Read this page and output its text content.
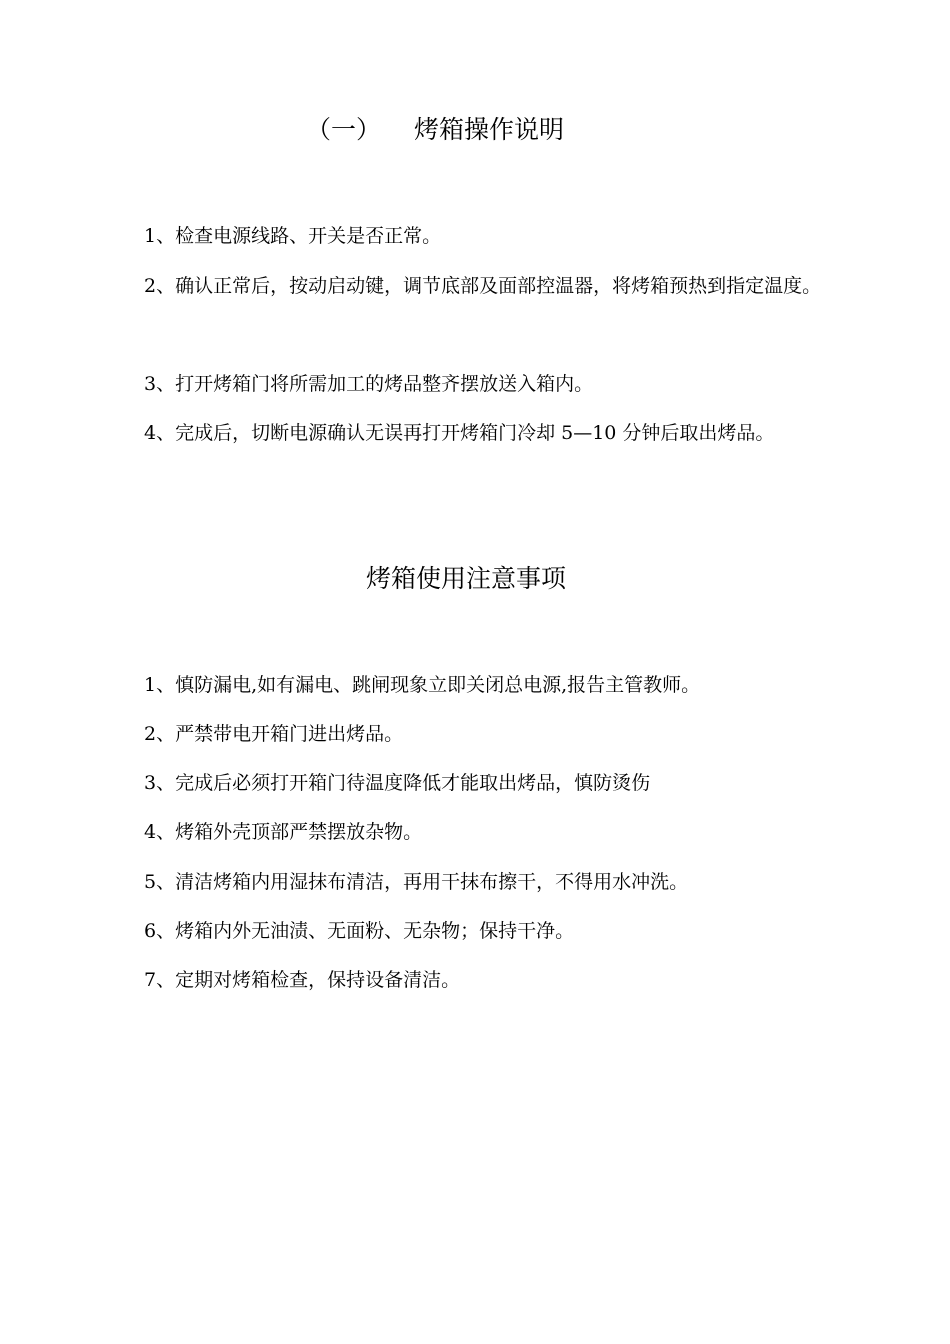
（一） 烤箱操作说明

1、检查电源线路、开关是否正常。

2、确认正常后，按动启动键，调节底部及面部控温器，将烤箱预热到指定温度。

3、打开烤箱门将所需加工的烤品整齐摆放送入箱内。

4、完成后，切断电源确认无误再打开烤箱门冷却 5—10 分钟后取出烤品。

烤箱使用注意事项

1、慎防漏电,如有漏电、跳闸现象立即关闭总电源,报告主管教师。

2、严禁带电开箱门进出烤品。

3、完成后必须打开箱门待温度降低才能取出烤品，慎防烫伤

4、烤箱外壳顶部严禁摆放杂物。

5、清洁烤箱内用湿抹布清洁，再用干抹布擦干，不得用水冲洗。

6、烤箱内外无油渍、无面粉、无杂物；保持干净。

7、定期对烤箱检查，保持设备清洁。
